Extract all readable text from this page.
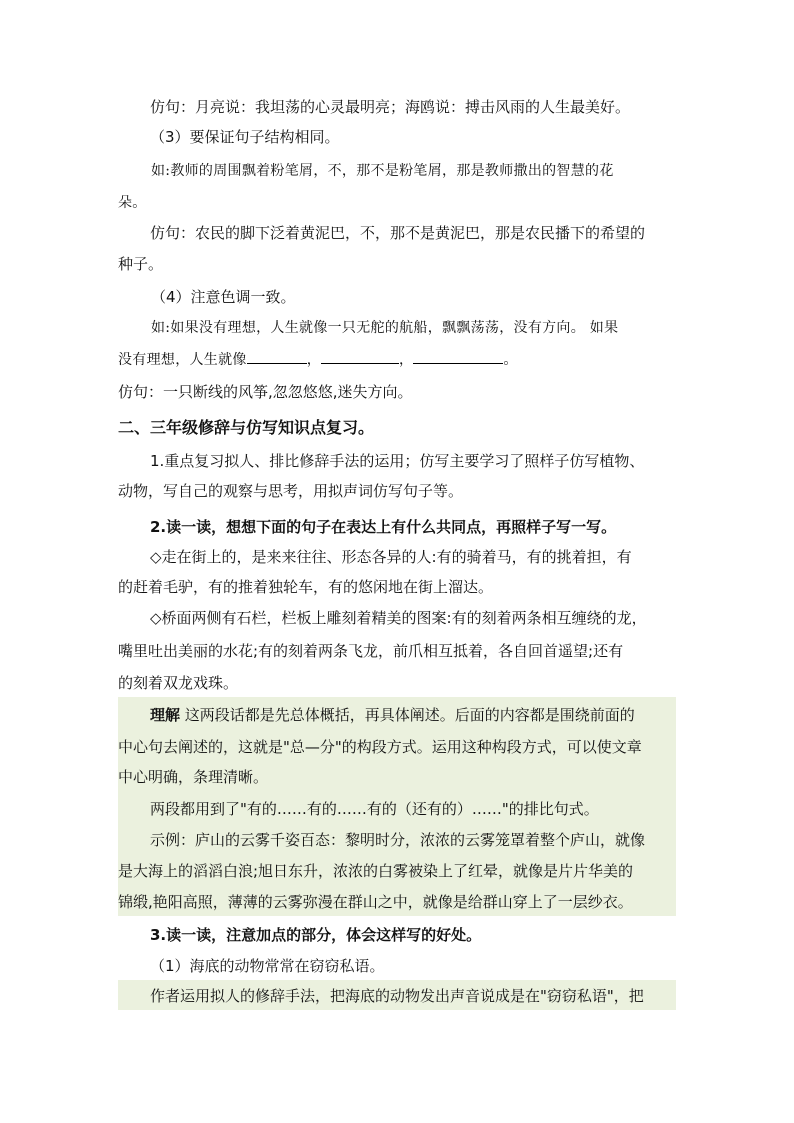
仿句：月亮说：我坦荡的心灵最明亮；海鸥说：搏击风雨的人生最美好。
（3）要保证句子结构相同。
如:教师的周围飘着粉笔屑，不，那不是粉笔屑，那是教师撒出的智慧的花
朵。
仿句：农民的脚下泛着黄泥巴，不，那不是黄泥巴，那是农民播下的希望的
种子。
（4）注意色调一致。
如:如果没有理想，人生就像一只无舵的航船，飘飘荡荡，没有方向。 如果
没有理想，人生就像	，	，	。
仿句：一只断线的风筝,忽忽悠悠,迷失方向。
二、三年级修辞与仿写知识点复习。
1.重点复习拟人、排比修辞手法的运用；仿写主要学习了照样子仿写植物、
动物，写自己的观察与思考，用拟声词仿写句子等。
2.读一读，想想下面的句子在表达上有什么共同点，再照样子写一写。
◇走在街上的，是来来往往、形态各异的人:有的骑着马，有的挑着担，有
的赶着毛驴，有的推着独轮车，有的悠闲地在街上溜达。
◇桥面两侧有石栏，栏板上雕刻着精美的图案:有的刻着两条相互缠绕的龙，
嘴里吐出美丽的水花;有的刻着两条飞龙，前爪相互抵着，各自回首遥望;还有
的刻着双龙戏珠。
理解 这两段话都是先总体概括，再具体阐述。后面的内容都是围绕前面的
中心句去阐述的，这就是"总—分"的构段方式。运用这种构段方式，可以使文章
中心明确，条理清晰。
两段都用到了"有的……有的……有的（还有的）……"的排比句式。
示例：庐山的云雾千姿百态：黎明时分，浓浓的云雾笼罩着整个庐山，就像
是大海上的滔滔白浪;旭日东升，浓浓的白雾被染上了红晕，就像是片片华美的
锦缎,艳阳高照，薄薄的云雾弥漫在群山之中，就像是给群山穿上了一层纱衣。
3.读一读，注意加点的部分，体会这样写的好处。
（1）海底的动物常常在窃窃私语。
作者运用拟人的修辞手法，把海底的动物发出声音说成是在"窃窃私语"，把
